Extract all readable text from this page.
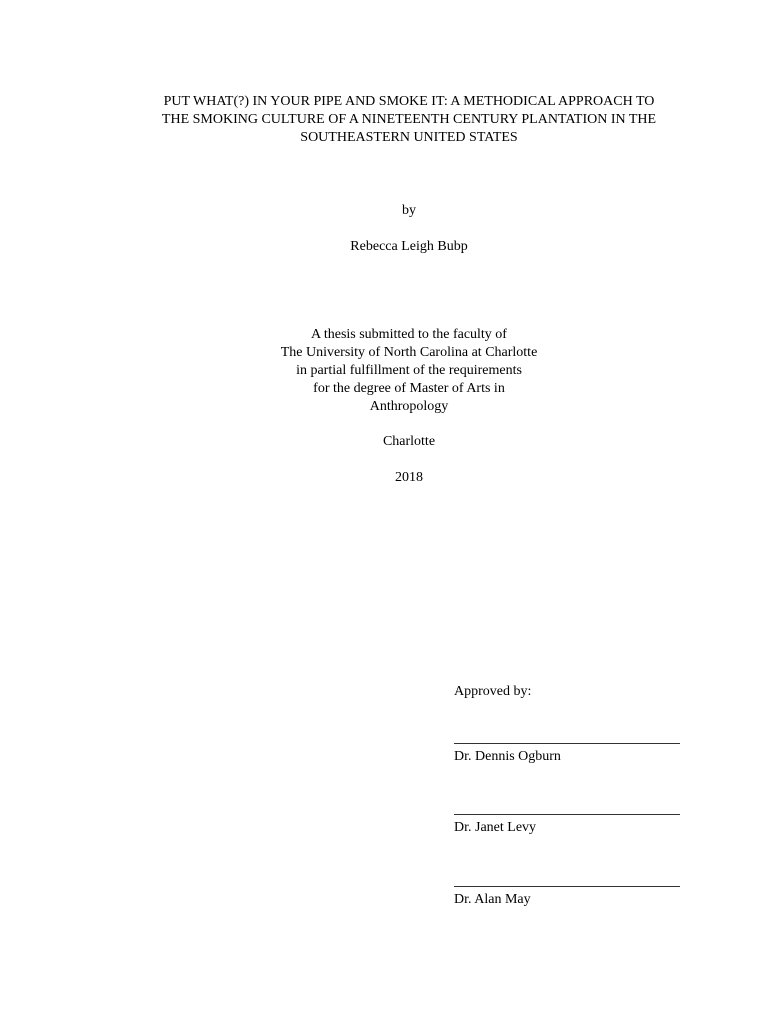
PUT WHAT(?) IN YOUR PIPE AND SMOKE IT: A METHODICAL APPROACH TO
THE SMOKING CULTURE OF A NINETEENTH CENTURY PLANTATION IN THE
SOUTHEASTERN UNITED STATES
by
Rebecca Leigh Bubp
A thesis submitted to the faculty of
The University of North Carolina at Charlotte
in partial fulfillment of the requirements
for the degree of Master of Arts in
Anthropology
Charlotte
2018
Approved by:
Dr. Dennis Ogburn
Dr. Janet Levy
Dr. Alan May
